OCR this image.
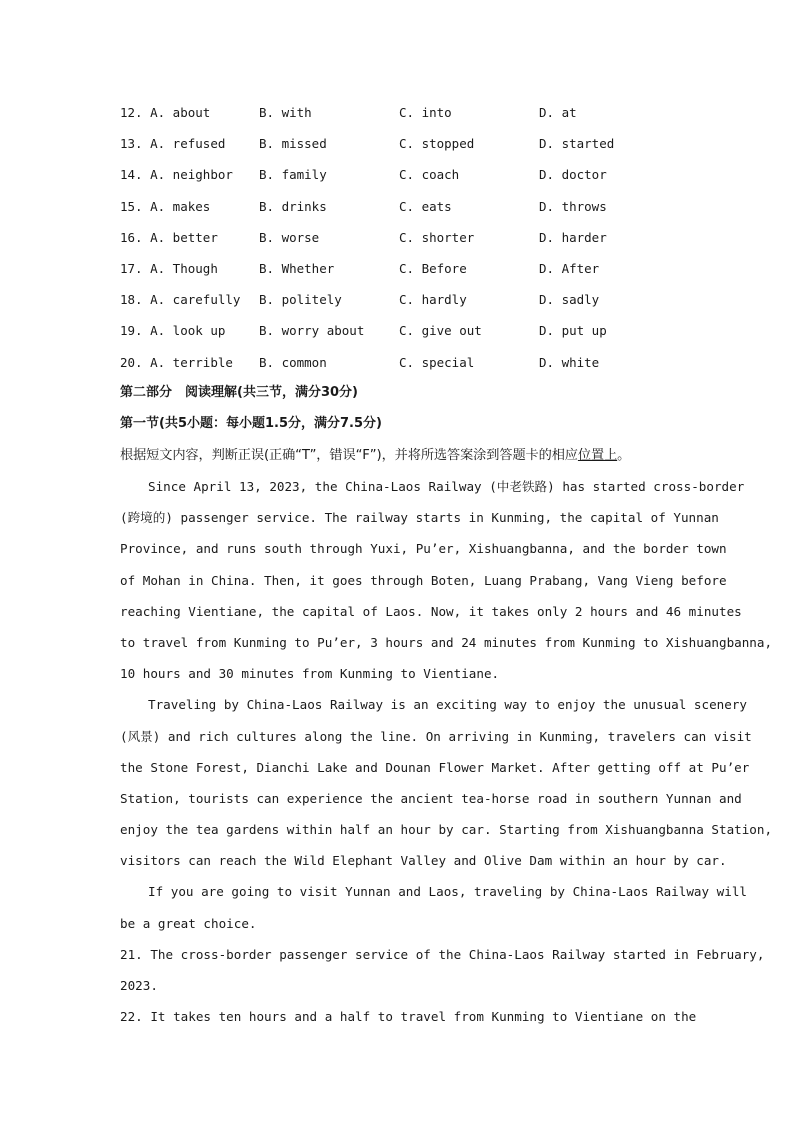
12. A. about	B. with	C. into	D. at
13. A. refused	B. missed	C. stopped	D. started
14. A. neighbor B. family	C. coach	D. doctor
15. A. makes	B. drinks	C. eats	D. throws
16. A. better	B. worse	C. shorter	D. harder
17. A. Though	B. Whether	C. Before	D. After
18. A. carefully B. politely	C. hardly	D. sadly
19. A. look up	B. worry about	C. give out	D. put up
20. A. terrible B. common	C. special	D. white
第二部分　阅读理解(共三节，满分30分)
第一节(共5小题：每小题1.5分，满分7.5分)
根据短文内容，判断正误(正确“T”，错误“F”)，并将所选答案涂到答题卡的相应位置上。
Since April 13, 2023, the China-Laos Railway (中老铁路) has started cross-border
(跨境的) passenger service. The railway starts in Kunming, the capital of Yunnan
Province, and runs south through Yuxi, Pu’er, Xishuangbanna, and the border town
of Mohan in China. Then, it goes through Boten, Luang Prabang, Vang Vieng before
reaching Vientiane, the capital of Laos. Now, it takes only 2 hours and 46 minutes
to travel from Kunming to Pu’er, 3 hours and 24 minutes from Kunming to Xishuangbanna,
10 hours and 30 minutes from Kunming to Vientiane.
Traveling by China-Laos Railway is an exciting way to enjoy the unusual scenery
(风景) and rich cultures along the line. On arriving in Kunming, travelers can visit
the Stone Forest, Dianchi Lake and Dounan Flower Market. After getting off at Pu’er
Station, tourists can experience the ancient tea-horse road in southern Yunnan and
enjoy the tea gardens within half an hour by car. Starting from Xishuangbanna Station,
visitors can reach the Wild Elephant Valley and Olive Dam within an hour by car.
If you are going to visit Yunnan and Laos, traveling by China-Laos Railway will
be a great choice.
21. The cross-border passenger service of the China-Laos Railway started in February,
2023.
22. It takes ten hours and a half to travel from Kunming to Vientiane on the
